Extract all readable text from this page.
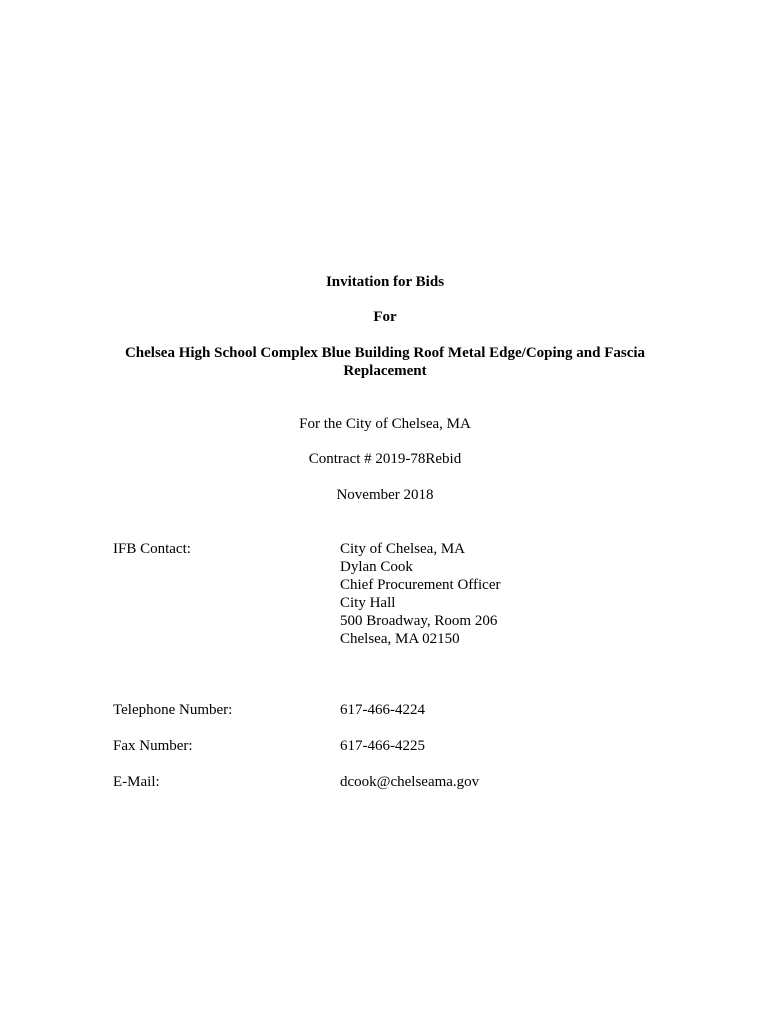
Invitation for Bids
For
Chelsea High School Complex Blue Building Roof Metal Edge/Coping and Fascia
Replacement
For the City of Chelsea, MA
Contract # 2019-78Rebid
November 2018
IFB Contact:	City of Chelsea, MA
Dylan Cook
Chief Procurement Officer
City Hall
500 Broadway, Room 206
Chelsea, MA 02150
Telephone Number:	617-466-4224
Fax Number:	617-466-4225
E-Mail:	dcook@chelseama.gov
